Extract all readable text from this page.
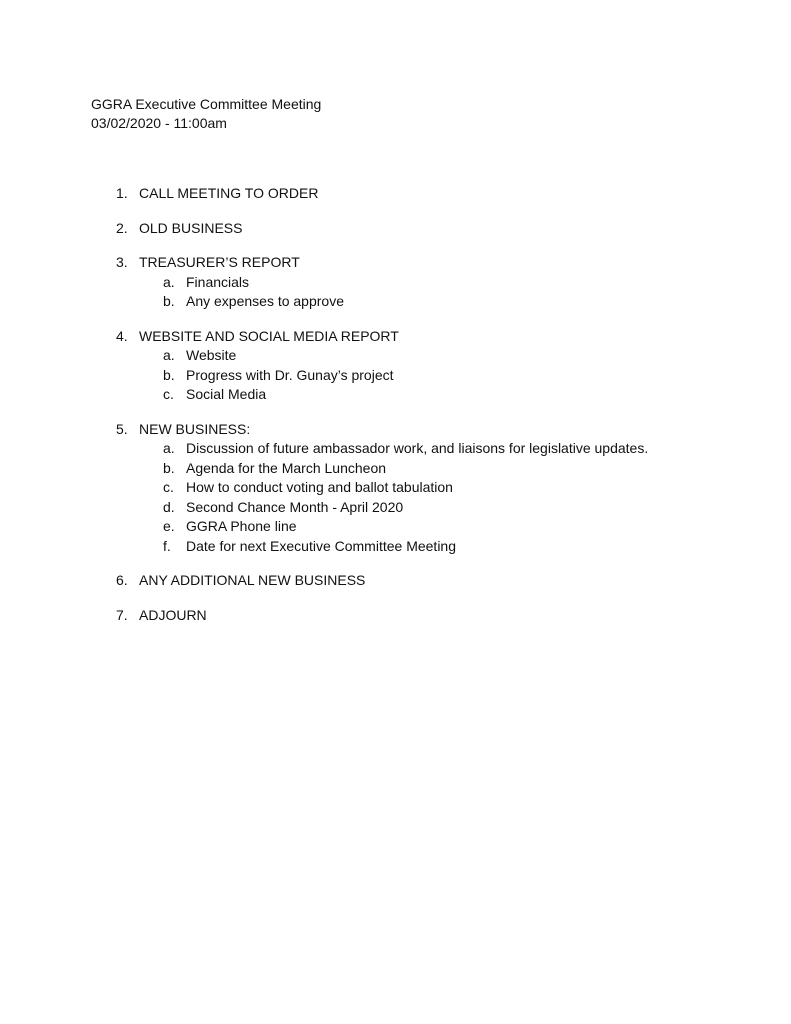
GGRA Executive Committee Meeting
03/02/2020 - 11:00am
1. CALL MEETING TO ORDER
2. OLD BUSINESS
3. TREASURER’S REPORT
a. Financials
b. Any expenses to approve
4. WEBSITE AND SOCIAL MEDIA REPORT
a. Website
b. Progress with Dr. Gunay’s project
c. Social Media
5. NEW BUSINESS:
a. Discussion of future ambassador work, and liaisons for legislative updates.
b. Agenda for the March Luncheon
c. How to conduct voting and ballot tabulation
d. Second Chance Month - April 2020
e. GGRA Phone line
f. Date for next Executive Committee Meeting
6. ANY ADDITIONAL NEW BUSINESS
7. ADJOURN
